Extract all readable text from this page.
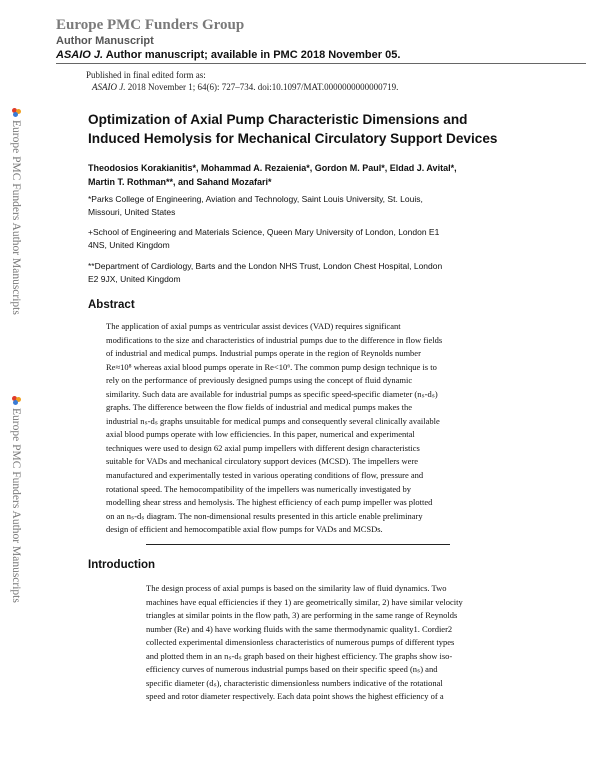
Europe PMC Funders Group
Author Manuscript
ASAIO J. Author manuscript; available in PMC 2018 November 05.
Published in final edited form as:
ASAIO J. 2018 November 1; 64(6): 727–734. doi:10.1097/MAT.0000000000000719.
Europe PMC Funders Author Manuscripts
Europe PMC Funders Author Manuscripts
Optimization of Axial Pump Characteristic Dimensions and
Induced Hemolysis for Mechanical Circulatory Support Devices
Theodosios Korakianitis*, Mohammad A. Rezaienia*, Gordon M. Paul*, Eldad J. Avital*,
Martin T. Rothman**, and Sahand Mozafari*
*Parks College of Engineering, Aviation and Technology, Saint Louis University, St. Louis,
Missouri, United States
+School of Engineering and Materials Science, Queen Mary University of London, London E1
4NS, United Kingdom
**Department of Cardiology, Barts and the London NHS Trust, London Chest Hospital, London
E2 9JX, United Kingdom
Abstract
The application of axial pumps as ventricular assist devices (VAD) requires significant
modifications to the size and characteristics of industrial pumps due to the difference in flow fields
of industrial and medical pumps. Industrial pumps operate in the region of Reynolds number
Re≈10⁸ whereas axial blood pumps operate in Re<10⁶. The common pump design technique is to
rely on the performance of previously designed pumps using the concept of fluid dynamic
similarity. Such data are available for industrial pumps as specific speed-specific diameter (nₛ-dₛ)
graphs. The difference between the flow fields of industrial and medical pumps makes the
industrial nₛ-dₛ graphs unsuitable for medical pumps and consequently several clinically available
axial blood pumps operate with low efficiencies. In this paper, numerical and experimental
techniques were used to design 62 axial pump impellers with different design characteristics
suitable for VADs and mechanical circulatory support devices (MCSD). The impellers were
manufactured and experimentally tested in various operating conditions of flow, pressure and
rotational speed. The hemocompatibility of the impellers was numerically investigated by
modelling shear stress and hemolysis. The highest efficiency of each pump impeller was plotted
on an nₛ-dₛ diagram. The non-dimensional results presented in this article enable preliminary
design of efficient and hemocompatible axial flow pumps for VADs and MCSDs.
Introduction
The design process of axial pumps is based on the similarity law of fluid dynamics. Two
machines have equal efficiencies if they 1) are geometrically similar, 2) have similar velocity
triangles at similar points in the flow path, 3) are performing in the same range of Reynolds
number (Re) and 4) have working fluids with the same thermodynamic quality1. Cordier2
collected experimental dimensionless characteristics of numerous pumps of different types
and plotted them in an nₛ-dₛ graph based on their highest efficiency. The graphs show iso-
efficiency curves of numerous industrial pumps based on their specific speed (nₛ) and
specific diameter (dₛ), characteristic dimensionless numbers indicative of the rotational
speed and rotor diameter respectively. Each data point shows the highest efficiency of a
